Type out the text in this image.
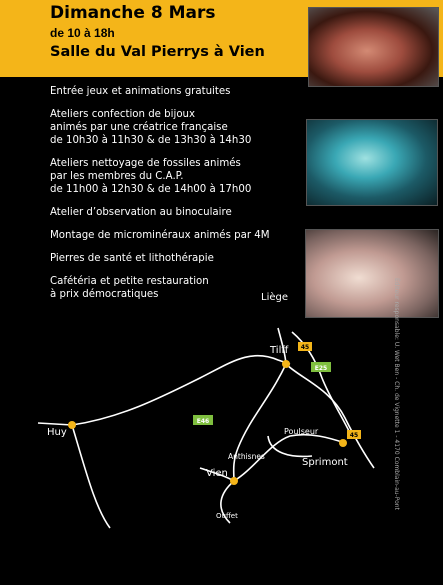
Dimanche 8 Mars
de 10 à 18h
Salle du Val Pierrys à Vien
Entrée jeux et animations gratuites
Ateliers confection de bijoux
animés par une créatrice française
de 10h30 à 11h30 & de 13h30 à 14h30
Ateliers nettoyage de fossiles animés
par les membres du C.A.P.
de 11h00 à 12h30 & de 14h00 à 17h00
Atelier d’observation au binoculaire
Montage de microminéraux animés par 4M
Pierres de santé et lithothérapie
Cafétéria et petite restauration
à prix démocratiques	Éditeur responsable: U. Wet Ben - Ch. de Vignette 1 - 4170 Comblain-au-Pont
45
E25
E46
45
Tilff
Huy	Poulseur
Sprimont
Anthisnes
Vien
Ouffet
Liège
